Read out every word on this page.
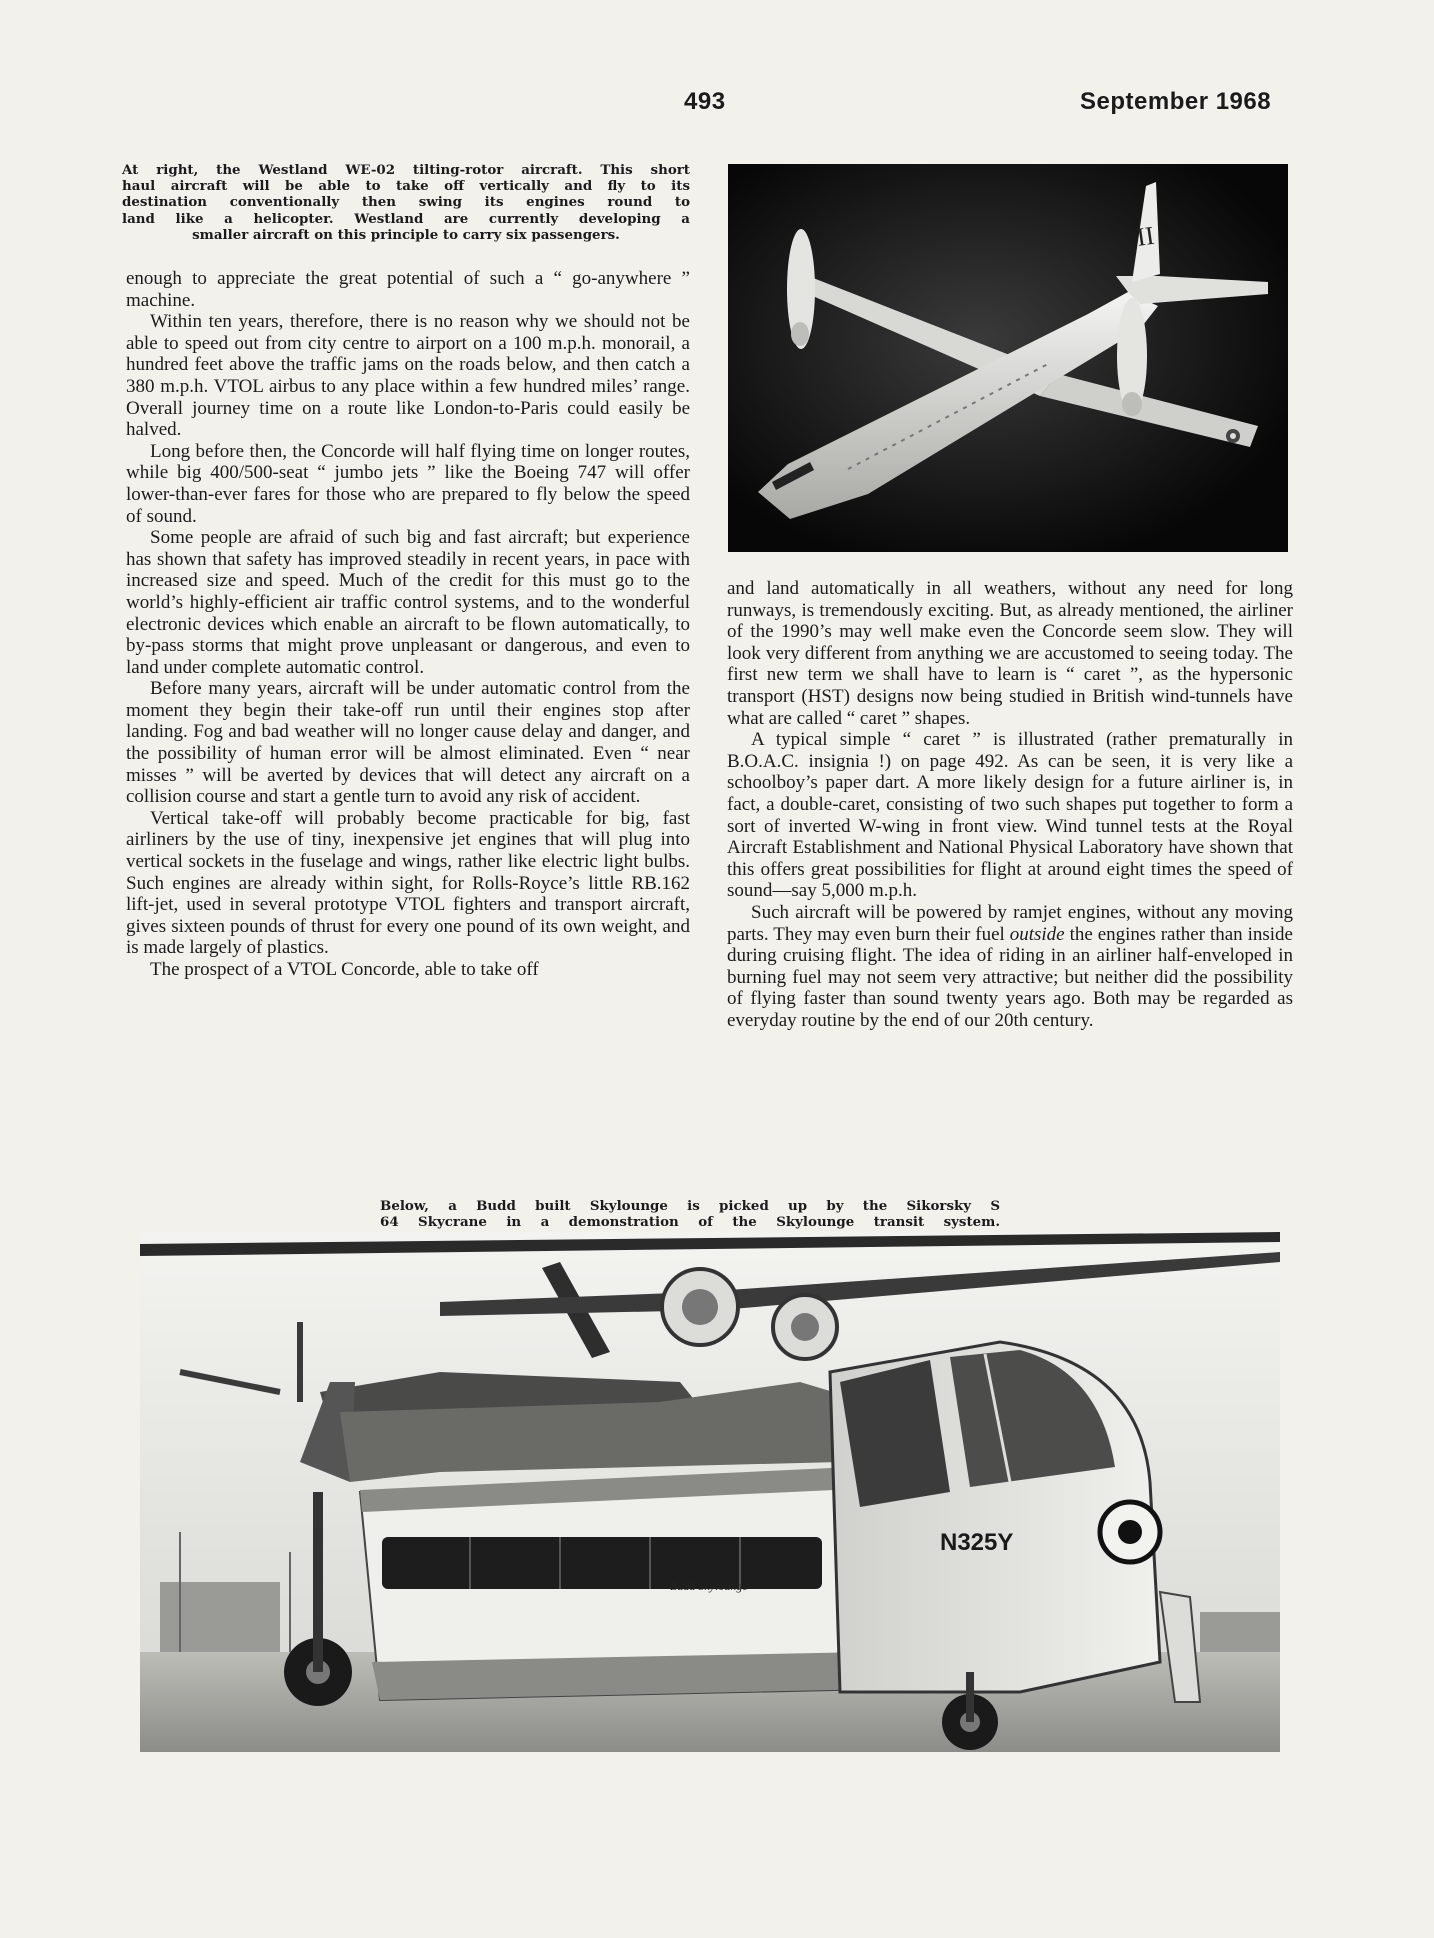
493	September 1968
At right, the Westland WE-02 tilting-rotor aircraft. This short
haul aircraft will be able to take off vertically and fly to its
destination conventionally then swing its engines round to
land like a helicopter. Westland are currently developing a
smaller aircraft on this principle to carry six passengers.

enough to appreciate the great potential of such a “ go-anywhere ” machine.

Within ten years, therefore, there is no reason why we should not be able to speed out from city centre to airport on a 100 m.p.h. monorail, a hundred feet above the traffic jams on the roads below, and then catch a 380 m.p.h. VTOL airbus to any place within a few hundred miles’ range. Overall journey time on a route like London-to-Paris could easily be halved.

Long before then, the Concorde will half flying time on longer routes, while big 400/500-seat “ jumbo jets ” like the Boeing 747 will offer lower-than-ever fares for those who are prepared to fly below the speed of sound.

Some people are afraid of such big and fast aircraft; but experience has shown that safety has improved steadily in recent years, in pace with increased size and speed. Much of the credit for this must go to the world’s highly-efficient air traffic control systems, and to the wonderful electronic devices which enable an aircraft to be flown automatically, to by-pass storms that might prove unpleasant or dangerous, and even to land under complete automatic control.

Before many years, aircraft will be under automatic control from the moment they begin their take-off run until their engines stop after landing. Fog and bad weather will no longer cause delay and danger, and the possibility of human error will be almost eliminated. Even “ near misses ” will be averted by devices that will detect any aircraft on a collision course and start a gentle turn to avoid any risk of accident.

Vertical take-off will probably become practicable for big, fast airliners by the use of tiny, inexpensive jet engines that will plug into vertical sockets in the fuselage and wings, rather like electric light bulbs. Such engines are already within sight, for Rolls-Royce’s little RB.162 lift-jet, used in several prototype VTOL fighters and transport aircraft, gives sixteen pounds of thrust for every one pound of its own weight, and is made largely of plastics.

The prospect of a VTOL Concorde, able to take off

II

and land automatically in all weathers, without any need for long runways, is tremendously exciting. But, as already mentioned, the airliner of the 1990’s may well make even the Concorde seem slow. They will look very different from anything we are accustomed to seeing today. The first new term we shall have to learn is “ caret ”, as the hypersonic transport (HST) designs now being studied in British wind-tunnels have what are called “ caret ” shapes.

A typical simple “ caret ” is illustrated (rather prematurally in B.O.A.C. insignia !) on page 492. As can be seen, it is very like a schoolboy’s paper dart. A more likely design for a future airliner is, in fact, a double-caret, consisting of two such shapes put together to form a sort of inverted W-wing in front view. Wind tunnel tests at the Royal Aircraft Establishment and National Physical Laboratory have shown that this offers great possibilities for flight at around eight times the speed of sound—say 5,000 m.p.h.

Such aircraft will be powered by ramjet engines, without any moving parts. They may even burn their fuel outside the engines rather than inside during cruising flight. The idea of riding in an airliner half-enveloped in burning fuel may not seem very attractive; but neither did the possibility of flying faster than sound twenty years ago. Both may be regarded as everyday routine by the end of our 20th century.

Below, a Budd built Skylounge is picked up by the Sikorsky S
64 Skycrane in a demonstration of the Skylounge transit system.
Budd Skylounge
N325Y
